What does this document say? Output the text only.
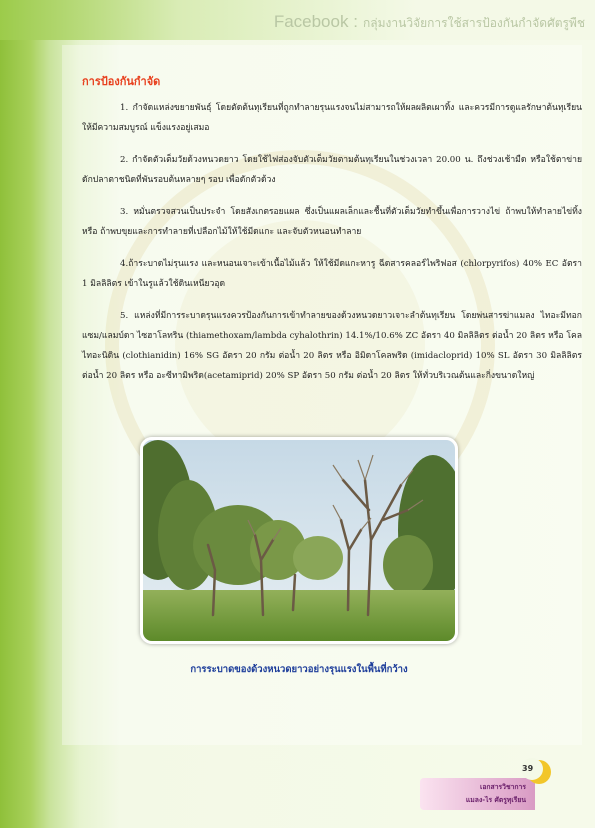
Facebook : กลุ่มงานวิจัยการใช้สารป้องกันกำจัดศัตรูพืช
การป้องกันกำจัด
1. กำจัดแหล่งขยายพันธุ์ โดยตัดต้นทุเรียนที่ถูกทำลายรุนแรงจนไม่สามารถให้ผลผลิตเผาทิ้ง และควรมีการดูแลรักษาต้นทุเรียน ให้มีความสมบูรณ์ แข็งแรงอยู่เสมอ
2. กำจัดตัวเต็มวัยด้วงหนวดยาว โดยใช้ไฟส่องจับตัวเต็มวัยตามต้นทุเรียนในช่วงเวลา 20.00 น. ถึงช่วงเช้ามืด หรือใช้ตาข่ายดักปลาตาชนิดที่พันรอบต้นหลายๆ รอบ เพื่อดักตัวด้วง
3. หมั่นตรวจสวนเป็นประจำ โดยสังเกตรอยแผล ซึ่งเป็นแผลเล็กและชื้นที่ตัวเต็มวัยทำขึ้นเพื่อการวางไข่ ถ้าพบให้ทำลายไข่ทิ้ง หรือ ถ้าพบขุยและการทำลายที่เปลือกไม้ให้ใช้มีดแกะ และจับตัวหนอนทำลาย
4.ถ้าระบาดไม่รุนแรง และหนอนเจาะเข้าเนื้อไม้แล้ว ให้ใช้มีดแกะหารู ฉีดสารคลอร์ไพริฟอส (chlorpyrifos) 40% EC อัตรา 1 มิลลิลิตร เข้าในรูแล้วใช้ดินเหนียวอุด
5. แหล่งที่มีการระบาดรุนแรงควรป้องกันการเข้าทำลายของด้วงหนวดยาวเจาะลำต้นทุเรียน โดยพ่นสารฆ่าแมลง ไทอะมีทอกแซม/แลมบ์ดา ไซฮาโลทริน (thiamethoxam/lambda cyhalothrin) 14.1%/10.6% ZC อัตรา 40 มิลลิลิตร ต่อน้ำ 20 ลิตร หรือ โคลไทอะนิดิน (clothianidin) 16% SG อัตรา 20 กรัม ต่อน้ำ 20 ลิตร หรือ อิมิดาโคลพริด (imidacloprid) 10% SL อัตรา 30 มิลลิลิตร ต่อน้ำ 20 ลิตร หรือ อะซีทามิพริด(acetamiprid) 20% SP อัตรา 50 กรัม ต่อน้ำ 20 ลิตร ให้ทั่วบริเวณต้นและกิ่งขนาดใหญ่
การระบาดของด้วงหนวดยาวอย่างรุนแรงในพื้นที่กว้าง
39
เอกสารวิชาการ
แมลง-ไร ศัตรูทุเรียน
